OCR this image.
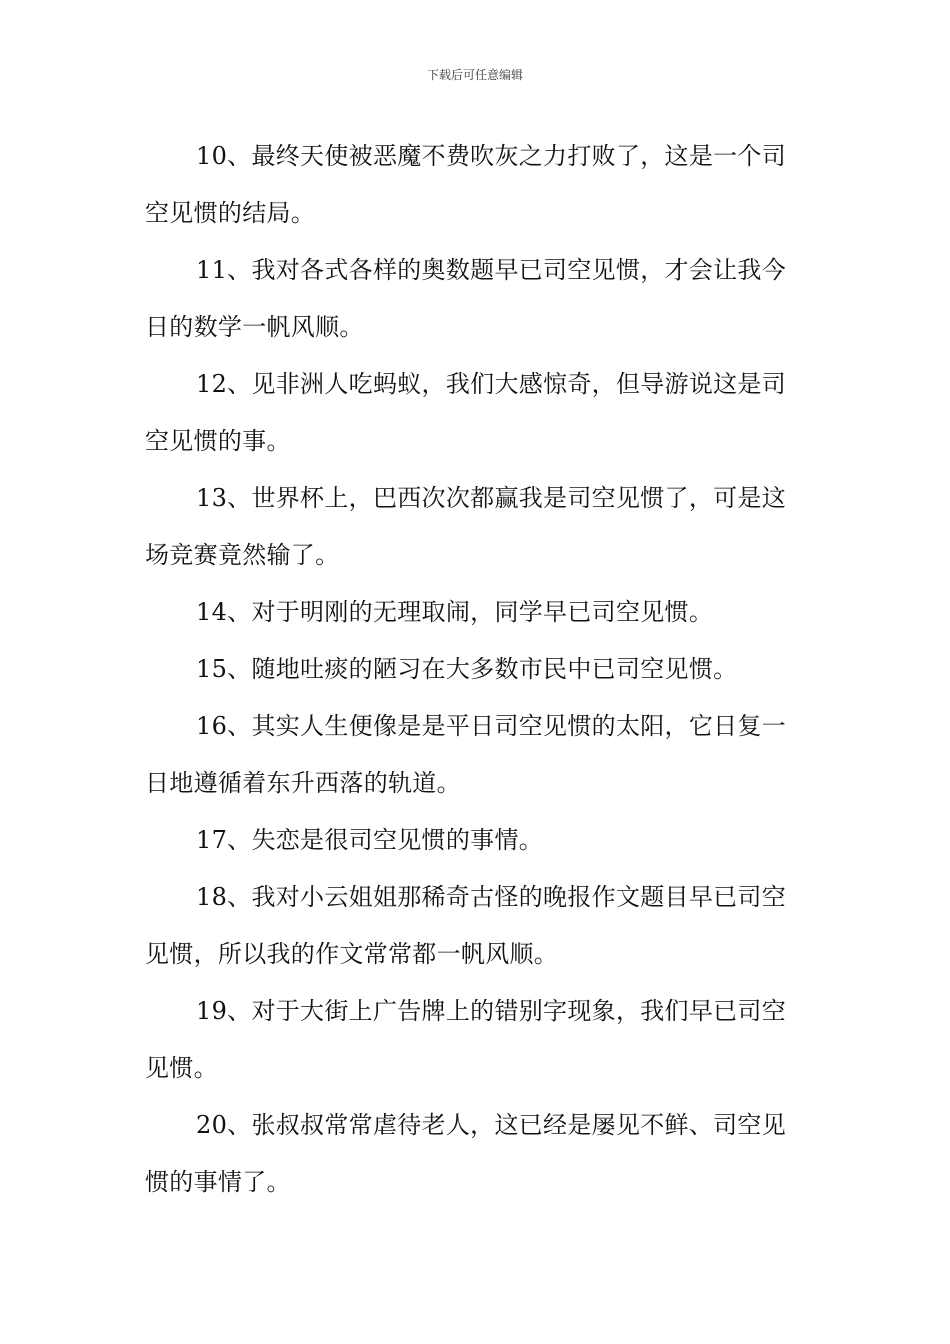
下载后可任意编辑

10、最终天使被恶魔不费吹灰之力打败了，这是一个司空见惯的结局。

11、我对各式各样的奥数题早已司空见惯，才会让我今日的数学一帆风顺。

12、见非洲人吃蚂蚁，我们大感惊奇，但导游说这是司空见惯的事。

13、世界杯上，巴西次次都赢我是司空见惯了，可是这场竞赛竟然输了。

14、对于明刚的无理取闹，同学早已司空见惯。

15、随地吐痰的陋习在大多数市民中已司空见惯。

16、其实人生便像是是平日司空见惯的太阳，它日复一日地遵循着东升西落的轨道。

17、失恋是很司空见惯的事情。

18、我对小云姐姐那稀奇古怪的晚报作文题目早已司空见惯，所以我的作文常常都一帆风顺。

19、对于大街上广告牌上的错别字现象，我们早已司空见惯。

20、张叔叔常常虐待老人，这已经是屡见不鲜、司空见惯的事情了。
